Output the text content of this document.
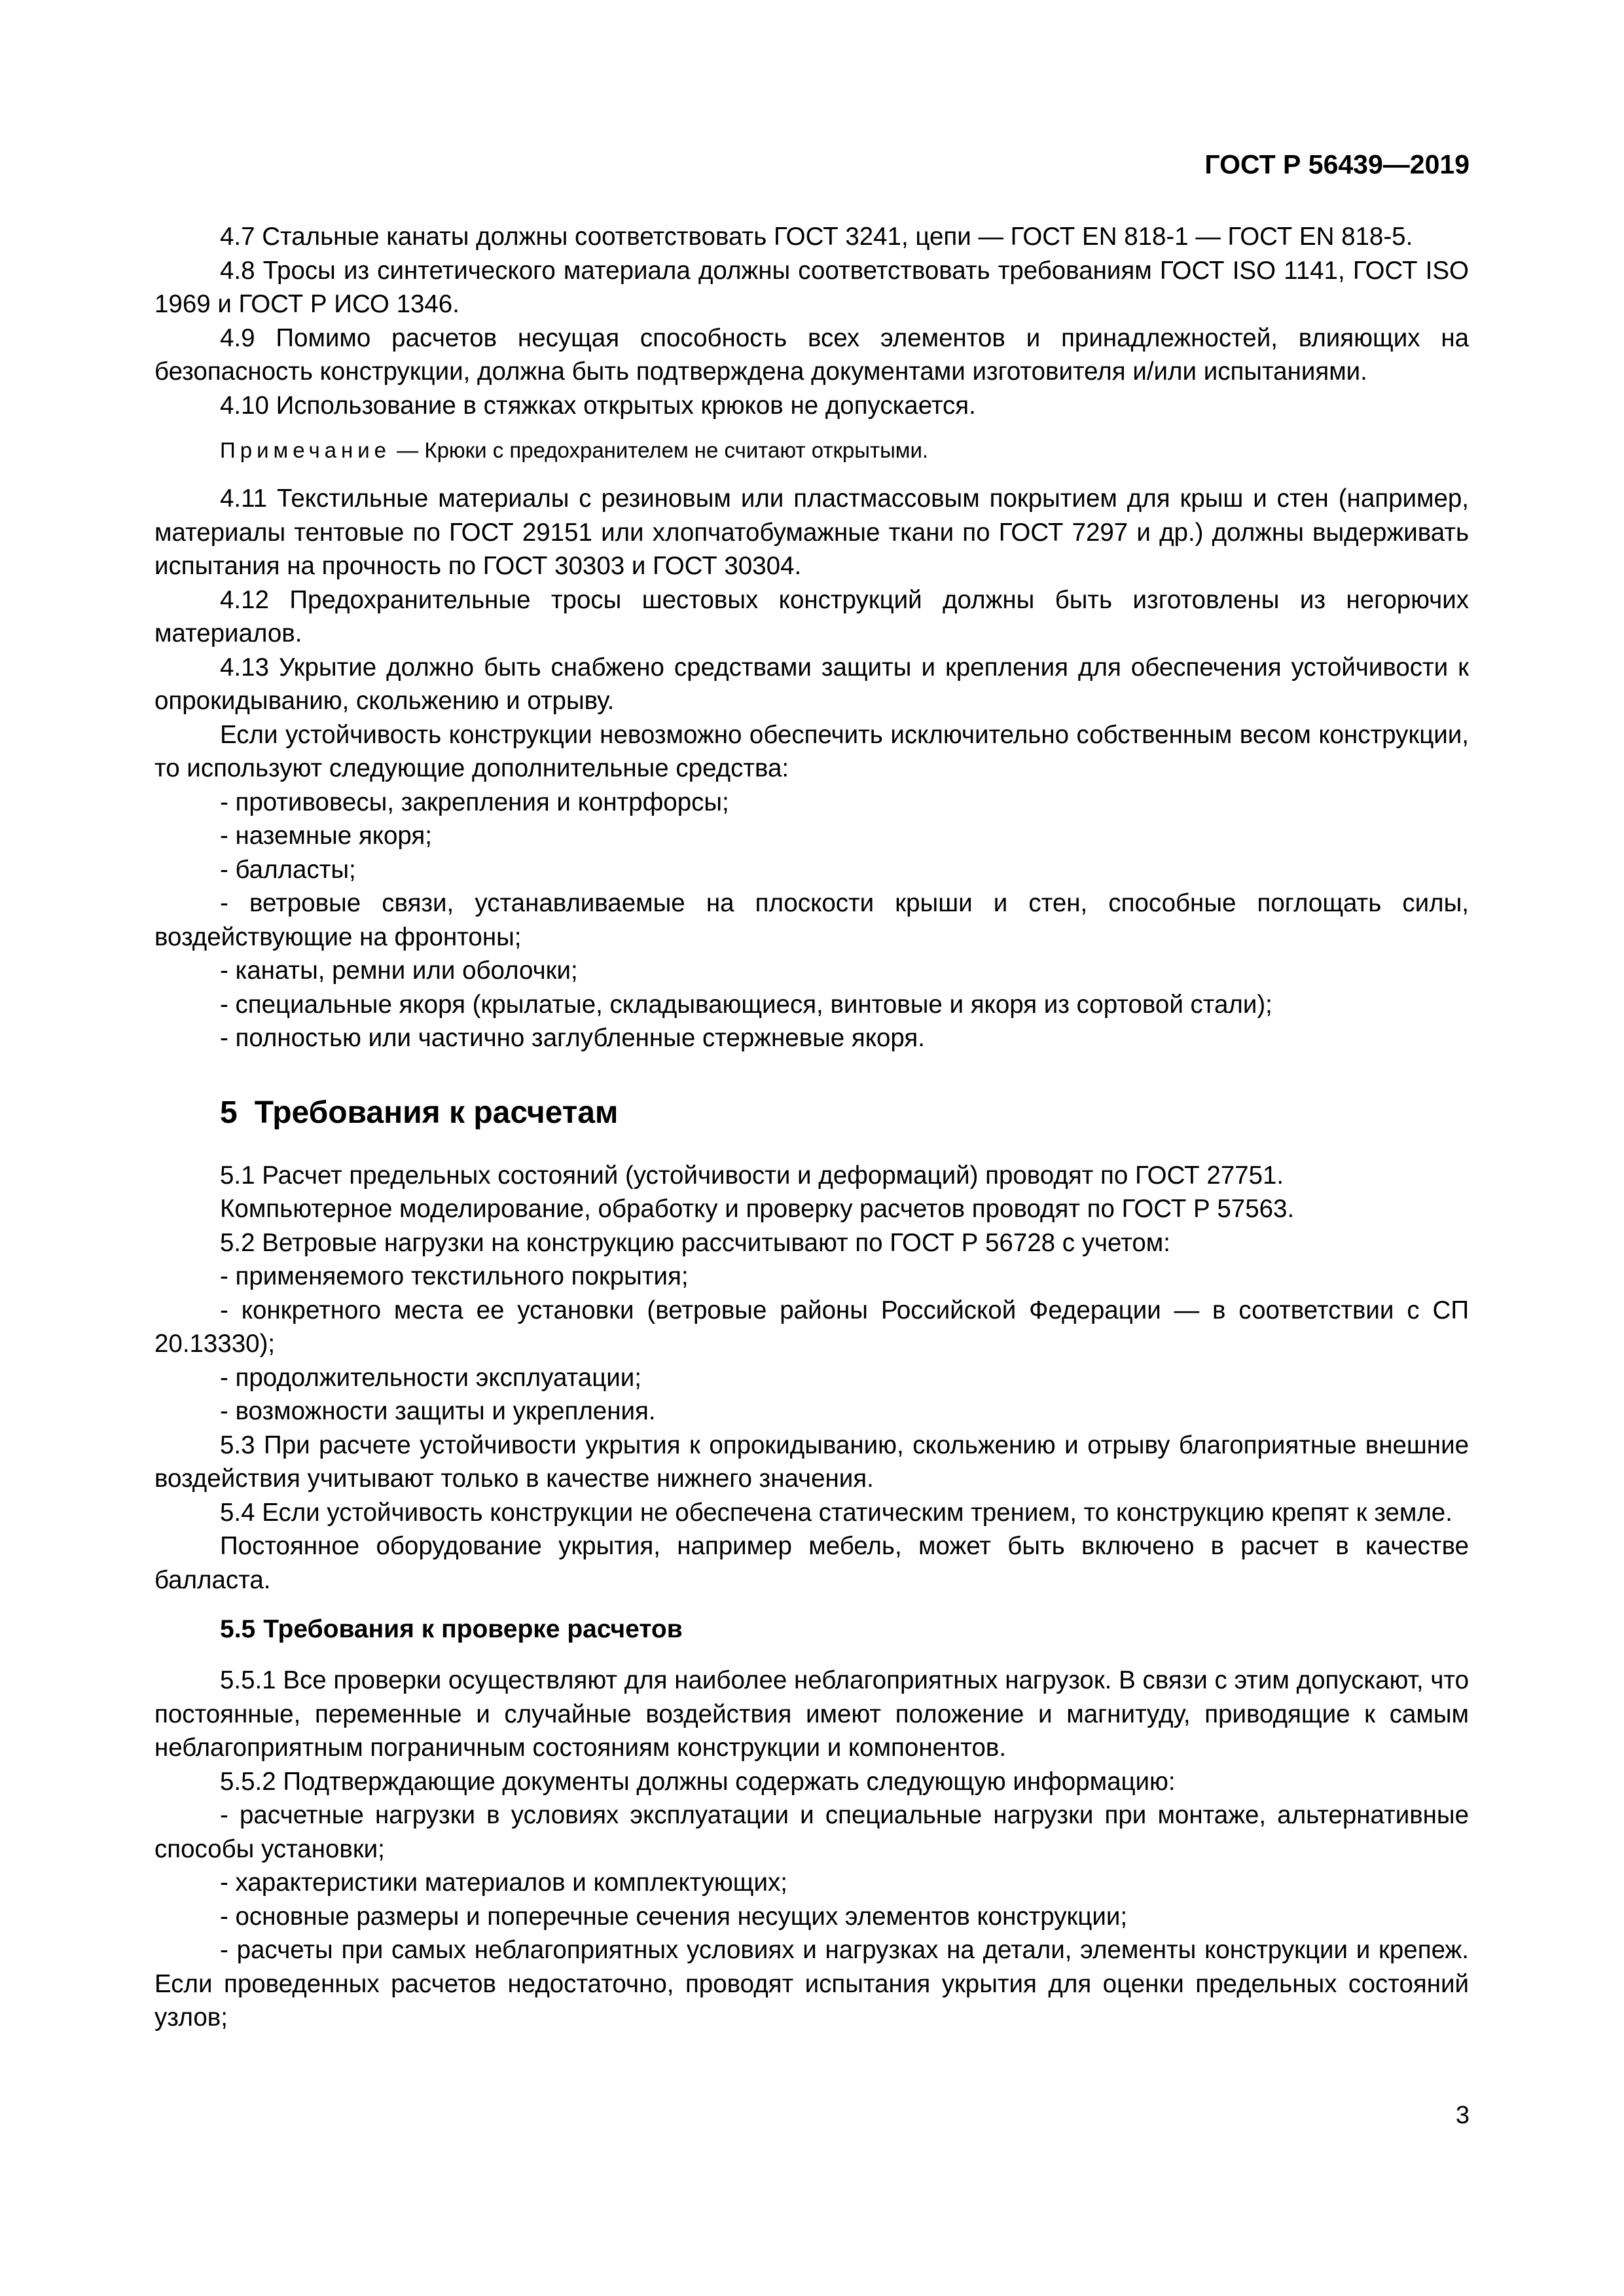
ГОСТ Р 56439—2019

4.7 Стальные канаты должны соответствовать ГОСТ 3241, цепи — ГОСТ EN 818-1 — ГОСТ EN 818-5.

4.8 Тросы из синтетического материала должны соответствовать требованиям ГОСТ ISO 1141, ГОСТ ISO 1969 и ГОСТ Р ИСО 1346.

4.9 Помимо расчетов несущая способность всех элементов и принадлежностей, влияющих на безопасность конструкции, должна быть подтверждена документами изготовителя и/или испытаниями.

4.10 Использование в стяжках открытых крюков не допускается.

Примечание — Крюки с предохранителем не считают открытыми.

4.11 Текстильные материалы с резиновым или пластмассовым покрытием для крыш и стен (например, материалы тентовые по ГОСТ 29151 или хлопчатобумажные ткани по ГОСТ 7297 и др.) должны выдерживать испытания на прочность по ГОСТ 30303 и ГОСТ 30304.

4.12 Предохранительные тросы шестовых конструкций должны быть изготовлены из негорючих материалов.

4.13 Укрытие должно быть снабжено средствами защиты и крепления для обеспечения устойчивости к опрокидыванию, скольжению и отрыву.

Если устойчивость конструкции невозможно обеспечить исключительно собственным весом конструкции, то используют следующие дополнительные средства:

- противовесы, закрепления и контрфорсы;

- наземные якоря;

- балласты;

- ветровые связи, устанавливаемые на плоскости крыши и стен, способные поглощать силы, воздействующие на фронтоны;

- канаты, ремни или оболочки;

- специальные якоря (крылатые, складывающиеся, винтовые и якоря из сортовой стали);

- полностью или частично заглубленные стержневые якоря.

5 Требования к расчетам

5.1 Расчет предельных состояний (устойчивости и деформаций) проводят по ГОСТ 27751.

Компьютерное моделирование, обработку и проверку расчетов проводят по ГОСТ Р 57563.

5.2 Ветровые нагрузки на конструкцию рассчитывают по ГОСТ Р 56728 с учетом:

- применяемого текстильного покрытия;

- конкретного места ее установки (ветровые районы Российской Федерации — в соответствии с СП 20.13330);

- продолжительности эксплуатации;

- возможности защиты и укрепления.

5.3 При расчете устойчивости укрытия к опрокидыванию, скольжению и отрыву благоприятные внешние воздействия учитывают только в качестве нижнего значения.

5.4 Если устойчивость конструкции не обеспечена статическим трением, то конструкцию крепят к земле.

Постоянное оборудование укрытия, например мебель, может быть включено в расчет в качестве балласта.

5.5 Требования к проверке расчетов

5.5.1 Все проверки осуществляют для наиболее неблагоприятных нагрузок. В связи с этим допускают, что постоянные, переменные и случайные воздействия имеют положение и магнитуду, приводящие к самым неблагоприятным пограничным состояниям конструкции и компонентов.

5.5.2 Подтверждающие документы должны содержать следующую информацию:

- расчетные нагрузки в условиях эксплуатации и специальные нагрузки при монтаже, альтернативные способы установки;

- характеристики материалов и комплектующих;

- основные размеры и поперечные сечения несущих элементов конструкции;

- расчеты при самых неблагоприятных условиях и нагрузках на детали, элементы конструкции и крепеж. Если проведенных расчетов недостаточно, проводят испытания укрытия для оценки предельных состояний узлов;

3
